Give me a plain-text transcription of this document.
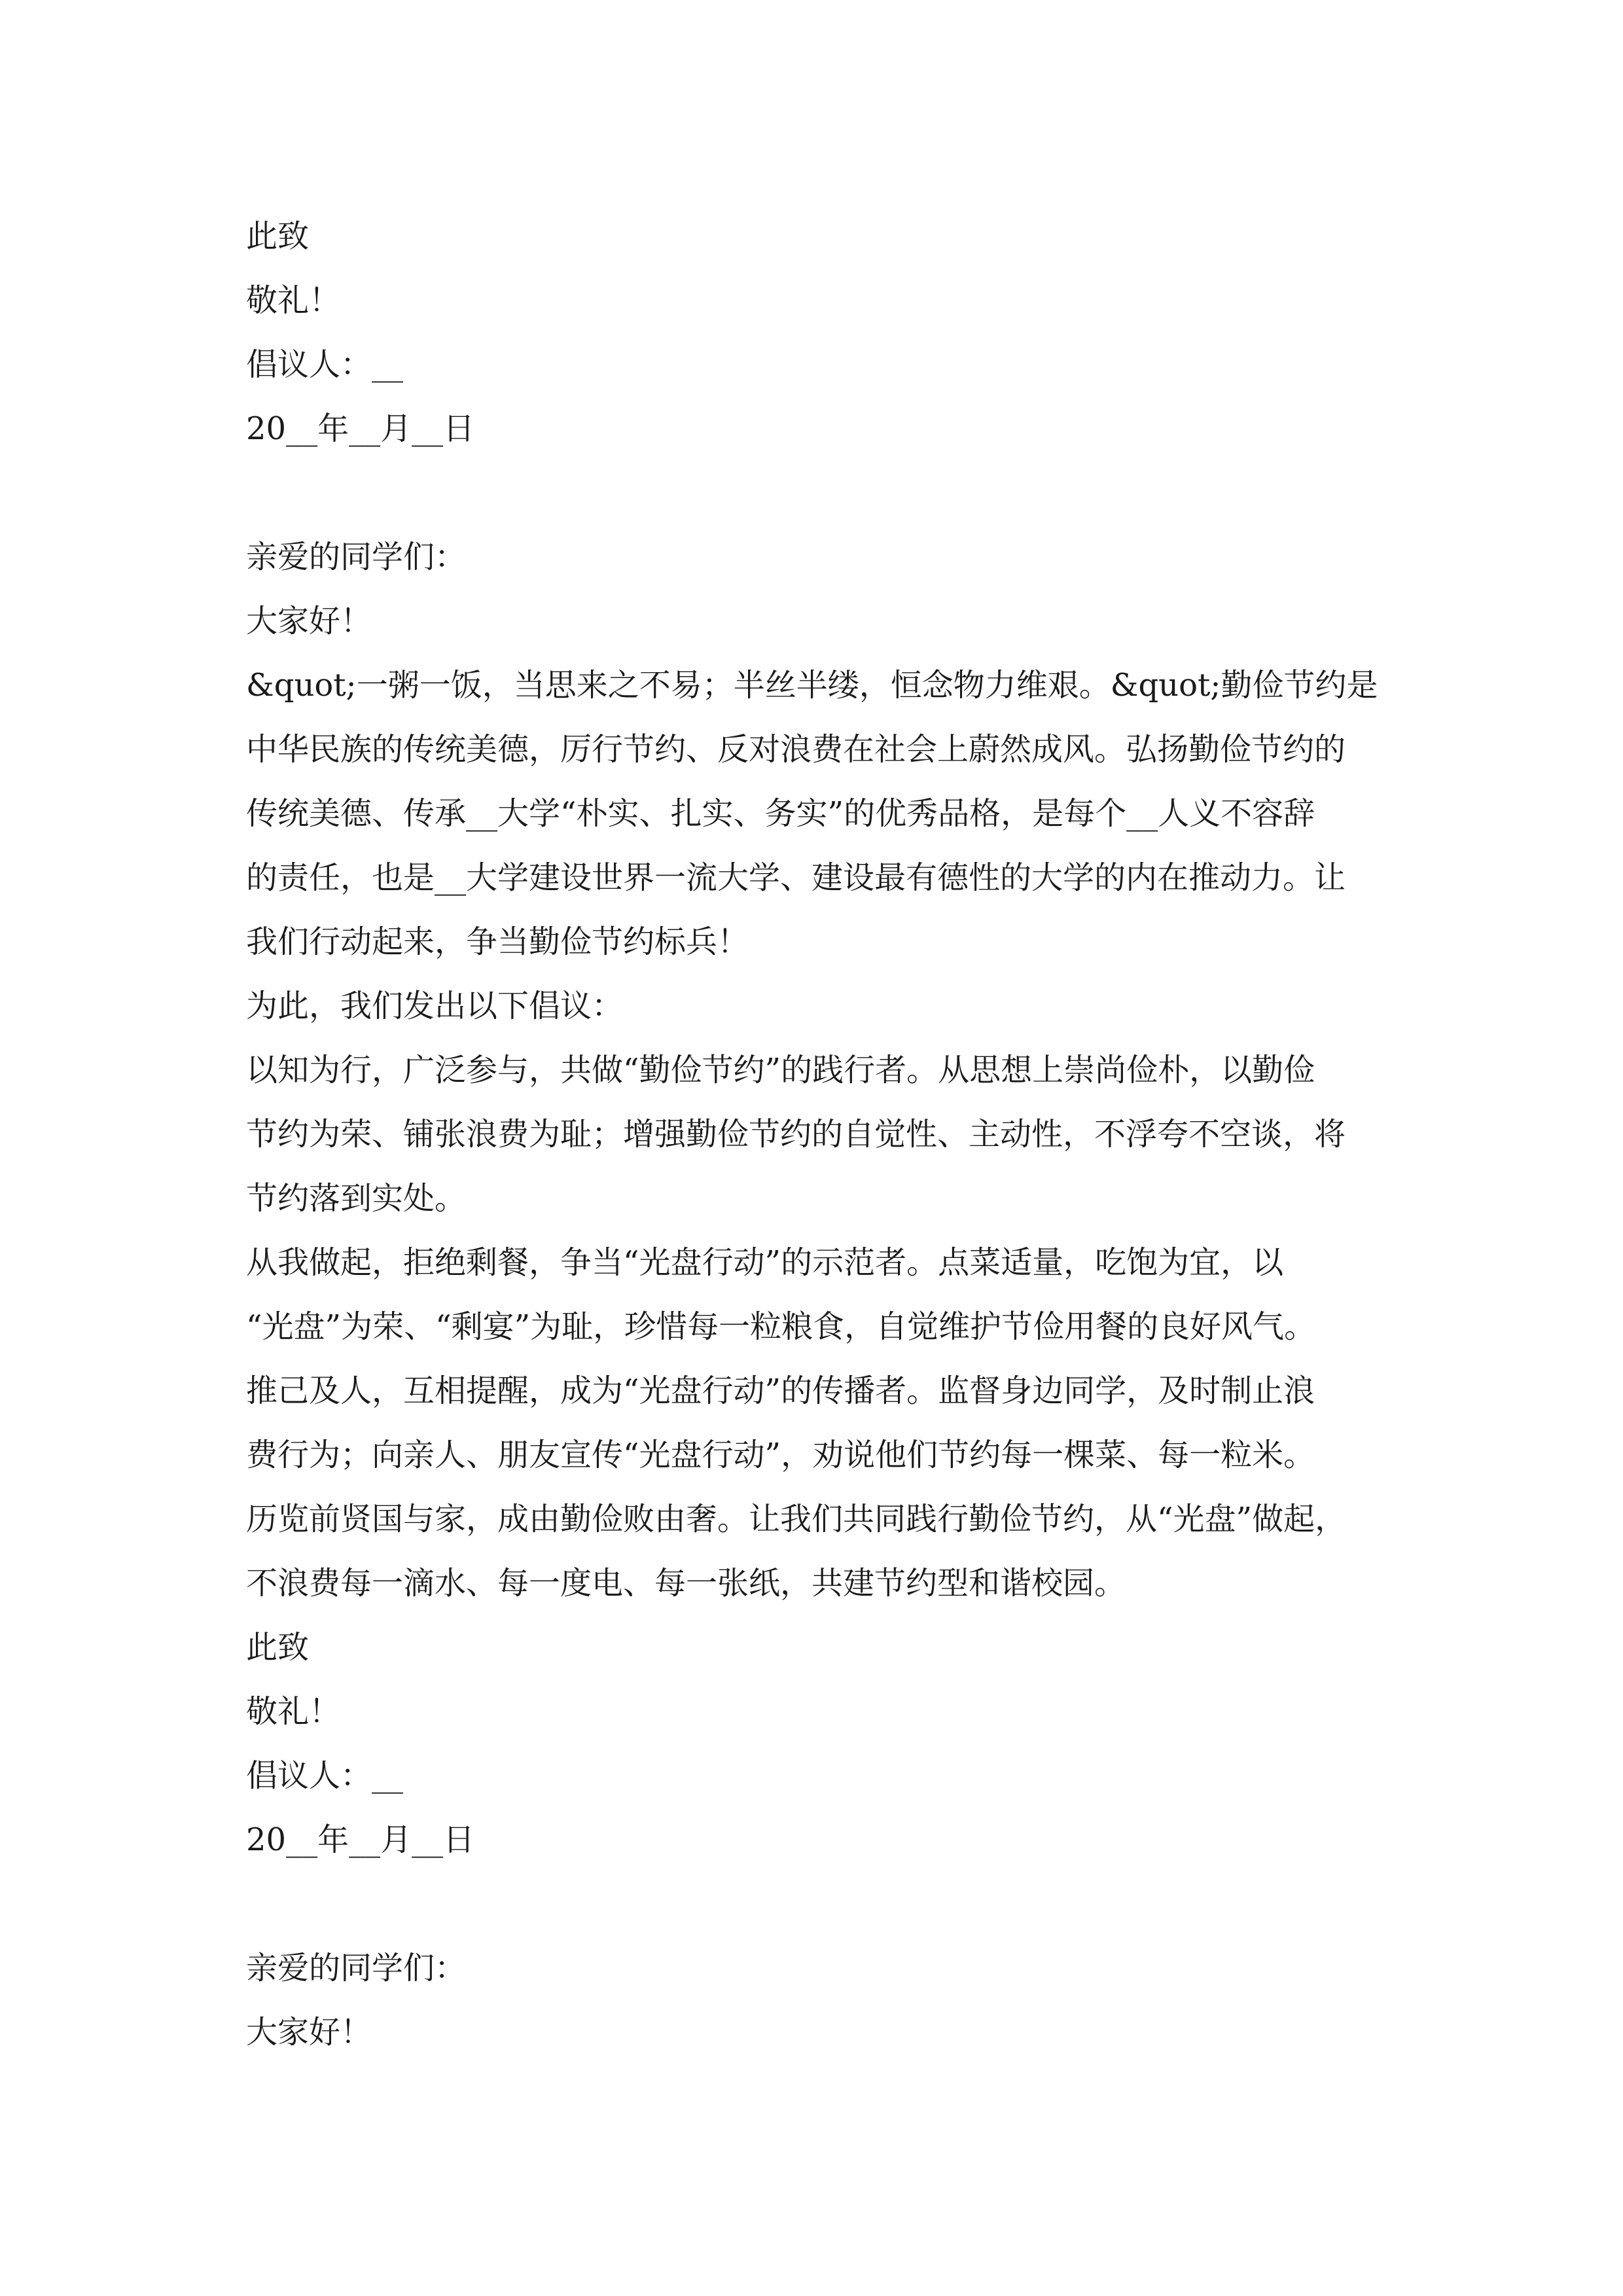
此致
敬礼！
倡议人：__
20__年__月__日
亲爱的同学们：
大家好！
&quot;一粥一饭，当思来之不易；半丝半缕，恒念物力维艰。&quot;勤俭节约是
中华民族的传统美德，厉行节约、反对浪费在社会上蔚然成风。弘扬勤俭节约的
传统美德、传承__大学“朴实、扎实、务实”的优秀品格，是每个__人义不容辞
的责任，也是__大学建设世界一流大学、建设最有德性的大学的内在推动力。让
我们行动起来，争当勤俭节约标兵！
为此，我们发出以下倡议：
以知为行，广泛参与，共做“勤俭节约”的践行者。从思想上崇尚俭朴，以勤俭
节约为荣、铺张浪费为耻；增强勤俭节约的自觉性、主动性，不浮夸不空谈，将
节约落到实处。
从我做起，拒绝剩餐，争当“光盘行动”的示范者。点菜适量，吃饱为宜，以
“光盘”为荣、“剩宴”为耻，珍惜每一粒粮食，自觉维护节俭用餐的良好风气。
推己及人，互相提醒，成为“光盘行动”的传播者。监督身边同学，及时制止浪
费行为；向亲人、朋友宣传“光盘行动”，劝说他们节约每一棵菜、每一粒米。
历览前贤国与家，成由勤俭败由奢。让我们共同践行勤俭节约，从“光盘”做起，
不浪费每一滴水、每一度电、每一张纸，共建节约型和谐校园。
此致
敬礼！
倡议人：__
20__年__月__日
亲爱的同学们：
大家好！
